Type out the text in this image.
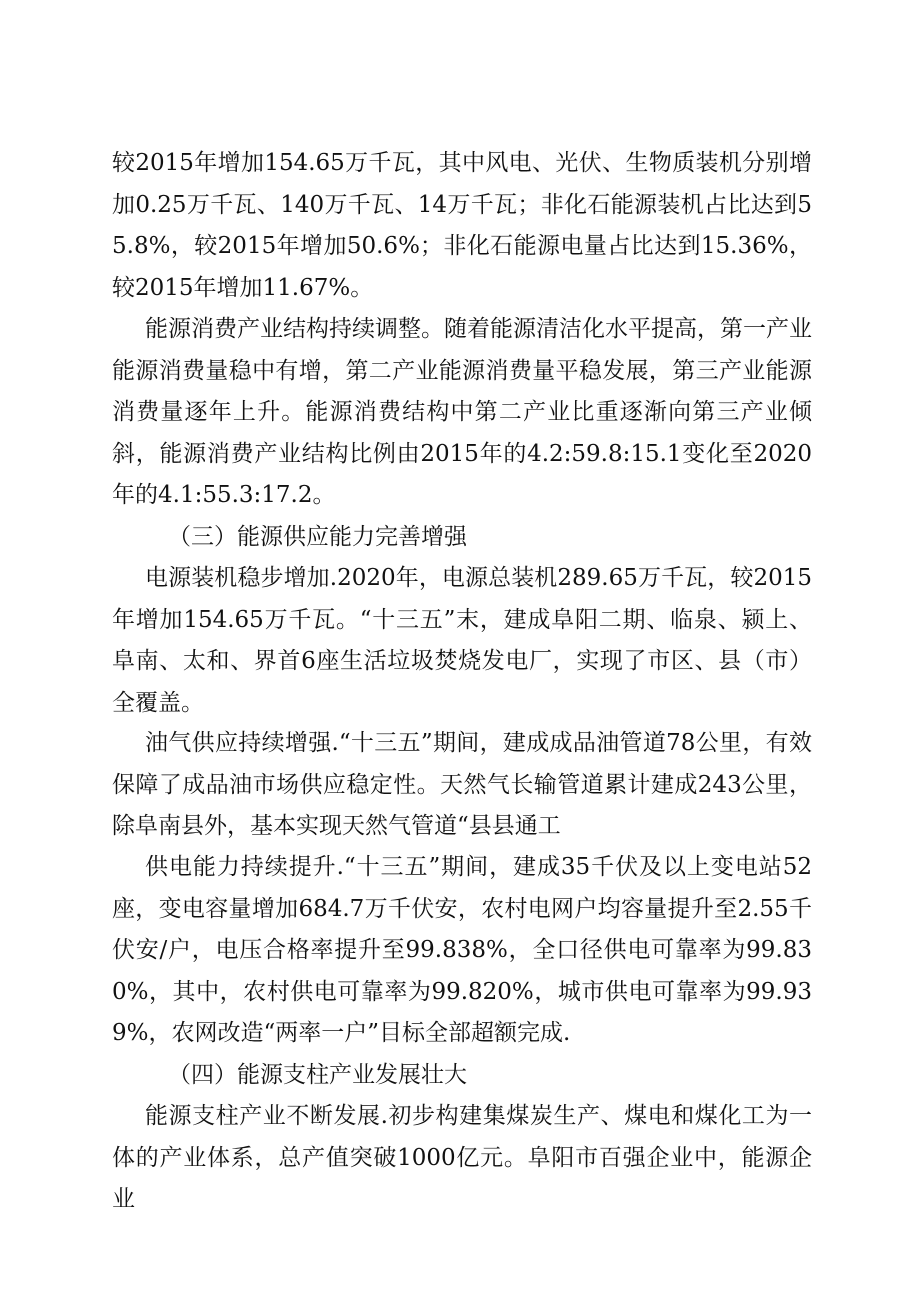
较2015年增加154.65万千瓦，其中风电、光伏、生物质装机分别增加0.25万千瓦、140万千瓦、14万千瓦；非化石能源装机占比达到55.8%，较2015年增加50.6%；非化石能源电量占比达到15.36%，较2015年增加11.67%。

能源消费产业结构持续调整。随着能源清洁化水平提高，第一产业能源消费量稳中有增，第二产业能源消费量平稳发展，第三产业能源消费量逐年上升。能源消费结构中第二产业比重逐渐向第三产业倾斜，能源消费产业结构比例由2015年的4.2:59.8:15.1变化至2020年的4.1:55.3:17.2。

（三）能源供应能力完善增强

电源装机稳步增加.2020年，电源总装机289.65万千瓦，较2015年增加154.65万千瓦。“十三五”末，建成阜阳二期、临泉、颍上、阜南、太和、界首6座生活垃圾焚烧发电厂，实现了市区、县（市）全覆盖。

油气供应持续增强.“十三五”期间，建成成品油管道78公里，有效保障了成品油市场供应稳定性。天然气长输管道累计建成243公里，除阜南县外，基本实现天然气管道“县县通工

供电能力持续提升.“十三五”期间，建成35千伏及以上变电站52座，变电容量增加684.7万千伏安，农村电网户均容量提升至2.55千伏安/户，电压合格率提升至99.838%，全口径供电可靠率为99.830%，其中，农村供电可靠率为99.820%，城市供电可靠率为99.939%，农网改造“两率一户”目标全部超额完成.

（四）能源支柱产业发展壮大

能源支柱产业不断发展.初步构建集煤炭生产、煤电和煤化工为一体的产业体系，总产值突破1000亿元。阜阳市百强企业中，能源企业
